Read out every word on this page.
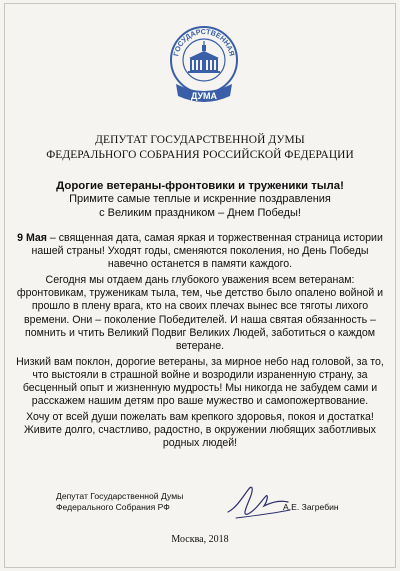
ГОСУДАРСТВЕННАЯ
ДУМА
ДЕПУТАТ ГОСУДАРСТВЕННОЙ ДУМЫ
ФЕДЕРАЛЬНОГО СОБРАНИЯ РОССИЙСКОЙ ФЕДЕРАЦИИ
Дорогие ветераны-фронтовики и труженики тыла!
Примите самые теплые и искренние поздравления
с Великим праздником – Днем Победы!

9 Мая – священная дата, самая яркая и торжественная страница истории нашей страны! Уходят годы, сменяются поколения, но День Победы навечно останется в памяти каждого.

Сегодня мы отдаем дань глубокого уважения всем ветеранам: фронтовикам, труженикам тыла, тем, чье детство было опалено войной и прошло в плену врага, кто на своих плечах вынес все тяготы лихого времени. Они – поколение Победителей. И наша святая обязанность – помнить и чтить Великий Подвиг Великих Людей, заботиться о каждом ветеране.

Низкий вам поклон, дорогие ветераны, за мирное небо над головой, за то, что выстояли в страшной войне и возродили израненную страну, за бесценный опыт и жизненную мудрость! Мы никогда не забудем сами и расскажем нашим детям про ваше мужество и самопожертвование.

Хочу от всей души пожелать вам крепкого здоровья, покоя и достатка! Живите долго, счастливо, радостно, в окружении любящих заботливых родных людей!

Депутат Государственной Думы
Федерального Собрания РФ	А.Е. Загребин
Москва, 2018
